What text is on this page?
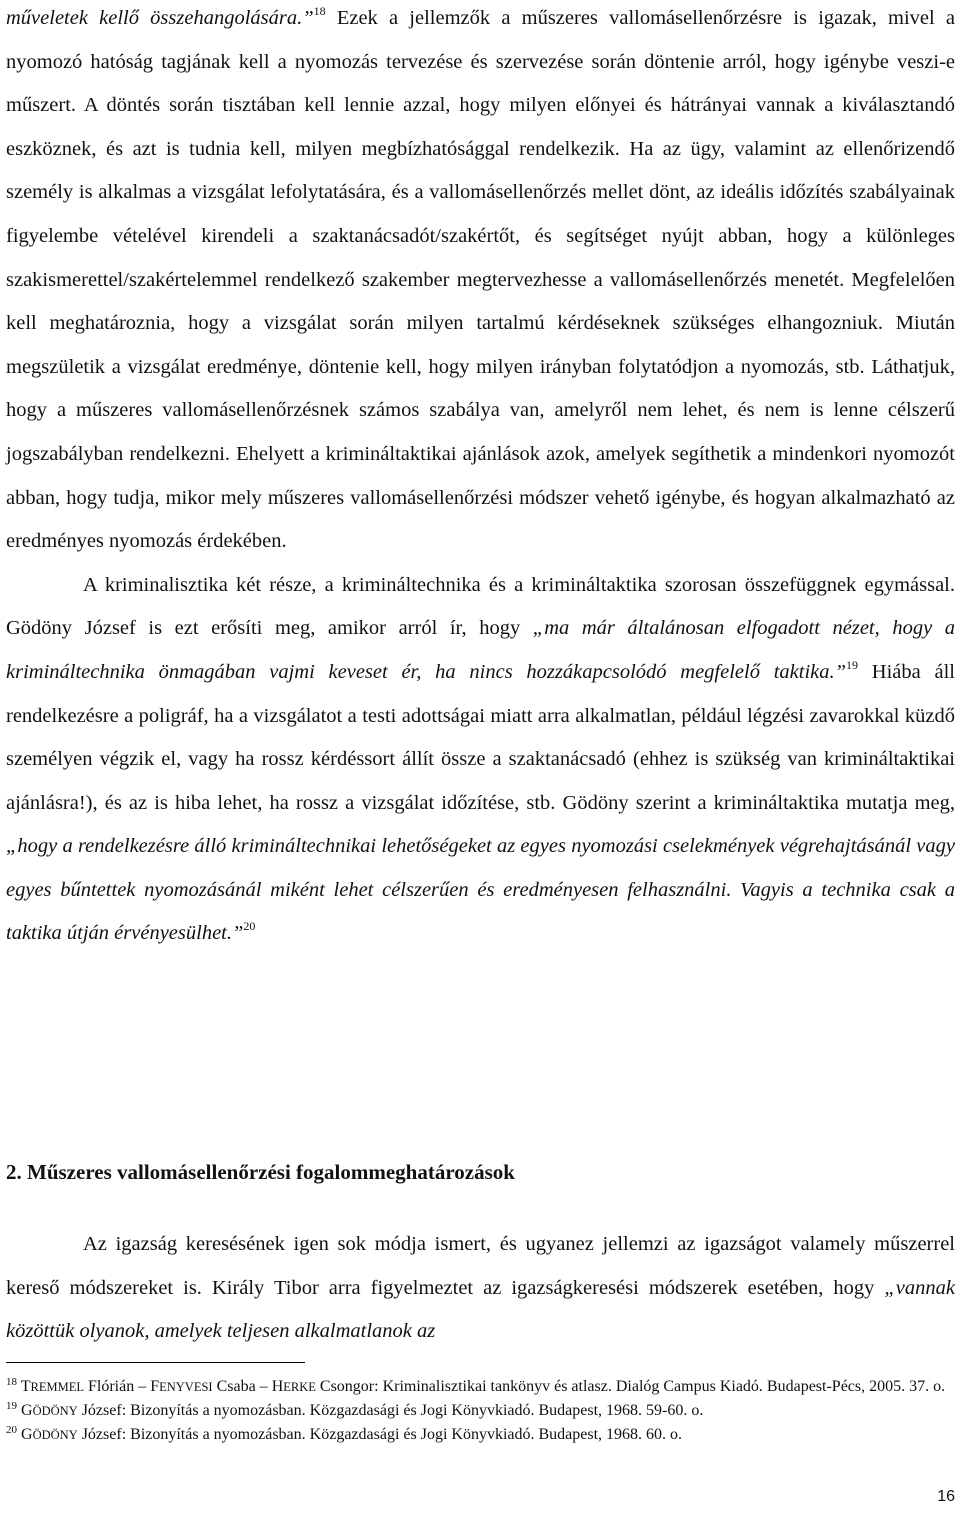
műveletek kellő összehangolására.”$^{18}$ Ezek a jellemzők a műszeres vallomásellenőrzésre is igazak, mivel a nyomozó hatóság tagjának kell a nyomozás tervezése és szervezése során döntenie arról, hogy igénybe veszi-e műszert. A döntés során tisztában kell lennie azzal, hogy milyen előnyei és hátrányai vannak a kiválasztandó eszköznek, és azt is tudnia kell, milyen megbízhatósággal rendelkezik. Ha az ügy, valamint az ellenőrizendő személy is alkalmas a vizsgálat lefolytatására, és a vallomásellenőrzés mellet dönt, az ideális időzítés szabályainak figyelembe vételével kirendeli a szaktanácsadót/szakértőt, és segítséget nyújt abban, hogy a különleges szakismerettel/szakértelemmel rendelkező szakember megtervezhesse a vallomásellenőrzés menetét. Megfelelően kell meghatároznia, hogy a vizsgálat során milyen tartalmú kérdéseknek szükséges elhangozniuk. Miután megszületik a vizsgálat eredménye, döntenie kell, hogy milyen irányban folytatódjon a nyomozás, stb. Láthatjuk, hogy a műszeres vallomásellenőrzésnek számos szabálya van, amelyről nem lehet, és nem is lenne célszerű jogszabályban rendelkezni. Ehelyett a krimináltaktikai ajánlások azok, amelyek segíthetik a mindenkori nyomozót abban, hogy tudja, mikor mely műszeres vallomásellenőrzési módszer vehető igénybe, és hogyan alkalmazható az eredményes nyomozás érdekében.

A kriminalisztika két része, a krimináltechnika és a krimináltaktika szorosan összefüggnek egymással. Gödöny József is ezt erősíti meg, amikor arról ír, hogy „ma már általánosan elfogadott nézet, hogy a krimináltechnika önmagában vajmi keveset ér, ha nincs hozzákapcsolódó megfelelő taktika.”$^{19}$ Hiába áll rendelkezésre a poligráf, ha a vizsgálatot a testi adottságai miatt arra alkalmatlan, például légzési zavarokkal küzdő személyen végzik el, vagy ha rossz kérdéssort állít össze a szaktanácsadó (ehhez is szükség van krimináltaktikai ajánlásra!), és az is hiba lehet, ha rossz a vizsgálat időzítése, stb. Gödöny szerint a krimináltaktika mutatja meg, „hogy a rendelkezésre álló krimináltechnikai lehetőségeket az egyes nyomozási cselekmények végrehajtásánál vagy egyes bűntettek nyomozásánál miként lehet célszerűen és eredményesen felhasználni. Vagyis a technika csak a taktika útján érvényesülhet.”$^{20}$

2. Műszeres vallomásellenőrzési fogalommeghatározások

Az igazság keresésének igen sok módja ismert, és ugyanez jellemzi az igazságot valamely műszerrel kereső módszereket is. Király Tibor arra figyelmeztet az igazságkeresési módszerek esetében, hogy „vannak közöttük olyanok, amelyek teljesen alkalmatlanok az

$^{18}$ TREMMEL Flórián – FENYVESI Csaba – HERKE Csongor: Kriminalisztikai tankönyv és atlasz. Dialóg Campus Kiadó. Budapest-Pécs, 2005. 37. o.

$^{19}$ GÖDÖNY József: Bizonyítás a nyomozásban. Közgazdasági és Jogi Könyvkiadó. Budapest, 1968. 59-60. o.

$^{20}$ GÖDÖNY József: Bizonyítás a nyomozásban. Közgazdasági és Jogi Könyvkiadó. Budapest, 1968. 60. o.

16
